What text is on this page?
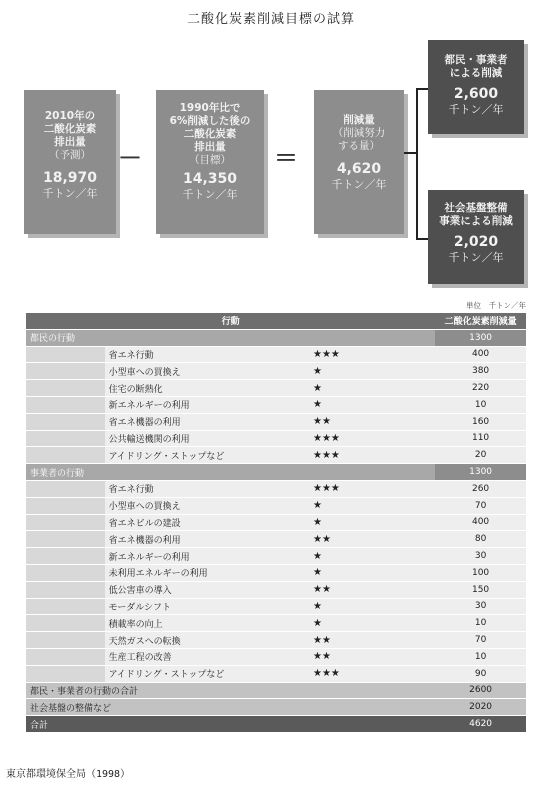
二酸化炭素削減目標の試算
2010年の
二酸化炭素
排出量
（予測）
18,970
千トン／年
－
1990年比で
6%削減した後の
二酸化炭素
排出量
（目標）
14,350
千トン／年
＝
削減量
（削減努力
する量）
4,620
千トン／年
都民・事業者
による削減
2,600
千トン／年
社会基盤整備
事業による削減
2,020
千トン／年
単位　千トン／年
行動			二酸化炭素削減量
都民の行動			1300
	省エネ行動	★★★	400
	小型車への買換え	★	380
	住宅の断熱化	★	220
	新エネルギーの利用	★	10
	省エネ機器の利用	★★	160
	公共輸送機関の利用	★★★	110
	アイドリング・ストップなど	★★★	20
事業者の行動			1300
	省エネ行動	★★★	260
	小型車への買換え	★	70
	省エネビルの建設	★	400
	省エネ機器の利用	★★	80
	新エネルギーの利用	★	30
	未利用エネルギーの利用	★	100
	低公害車の導入	★★	150
	モーダルシフト	★	30
	積載率の向上	★	10
	天然ガスへの転換	★★	70
	生産工程の改善	★★	10
	アイドリング・ストップなど	★★★	90
都民・事業者の行動の合計			2600
社会基盤の整備など			2020
合計			4620
東京都環境保全局（1998）
